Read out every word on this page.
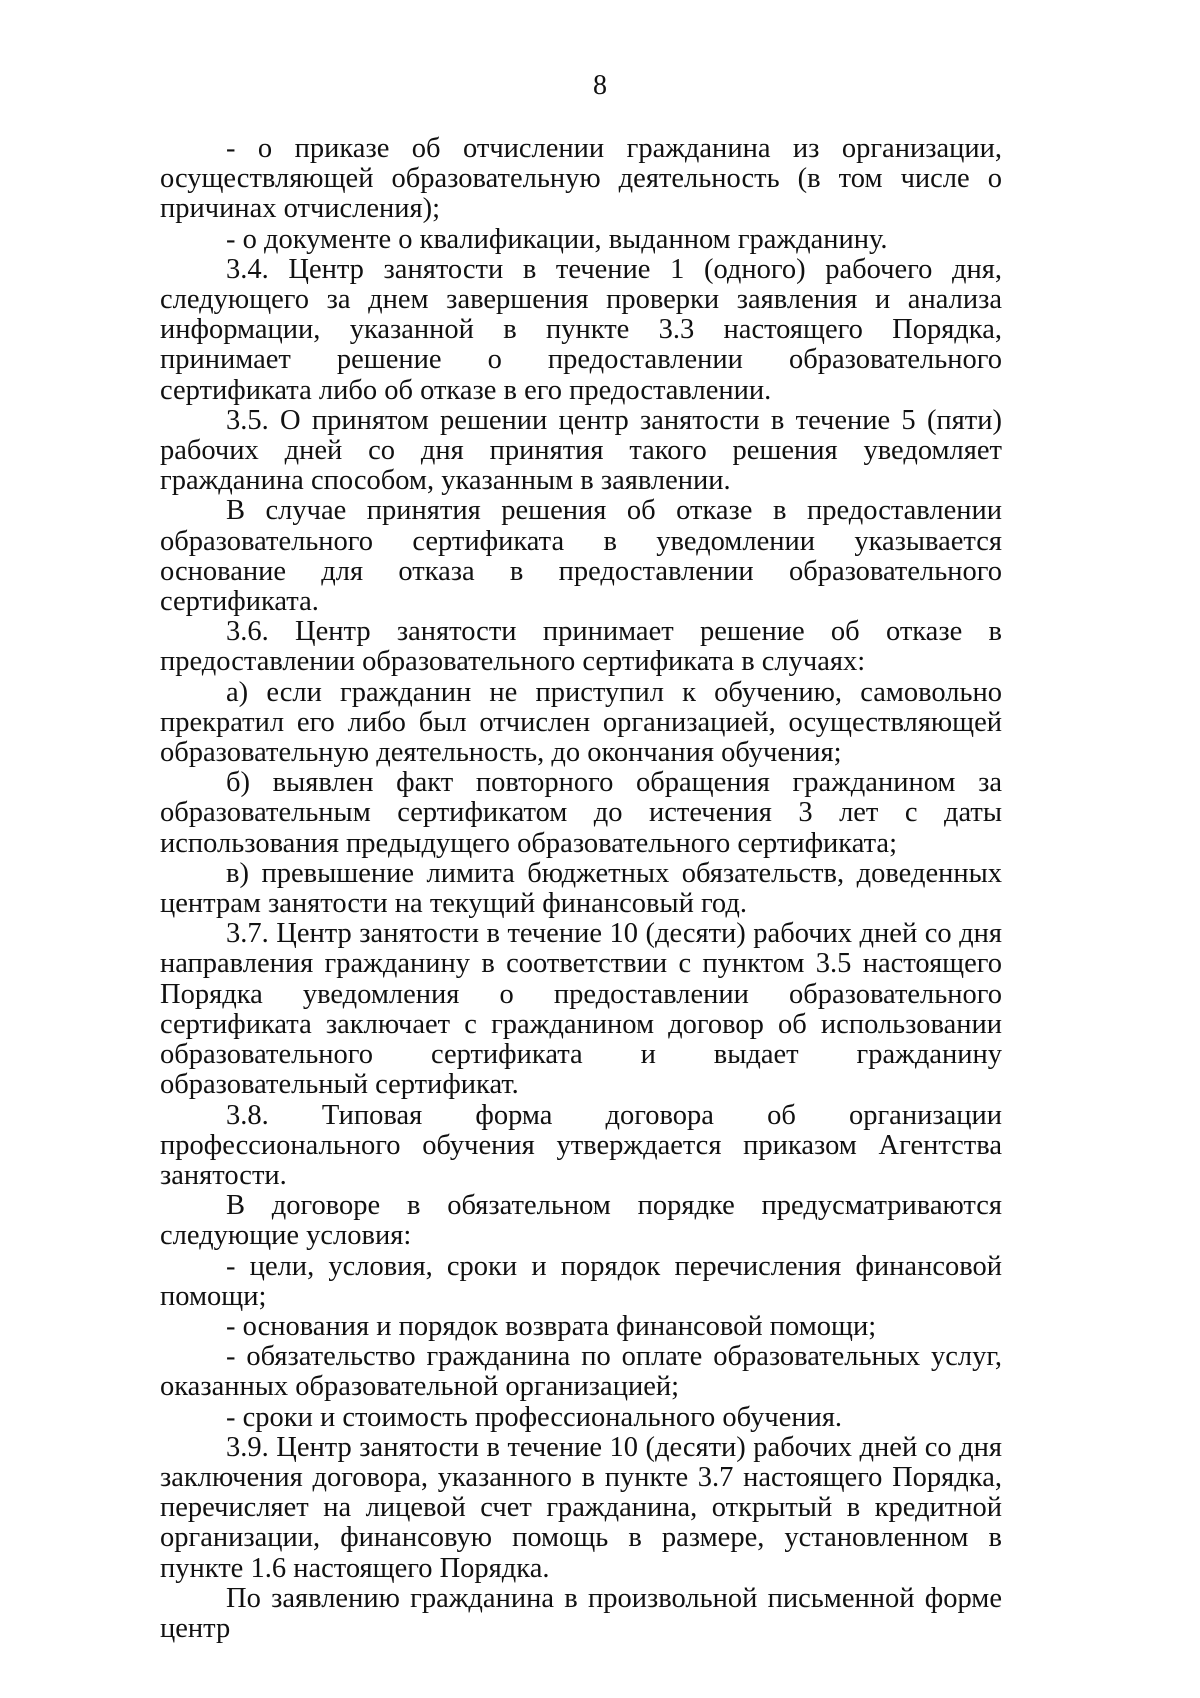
8

- о приказе об отчислении гражданина из организации, осуществляющей образовательную деятельность (в том числе о причинах отчисления);

- о документе о квалификации, выданном гражданину.

3.4. Центр занятости в течение 1 (одного) рабочего дня, следующего за днем завершения проверки заявления и анализа информации, указанной в пункте 3.3 настоящего Порядка, принимает решение о предоставлении образовательного сертификата либо об отказе в его предоставлении.

3.5. О принятом решении центр занятости в течение 5 (пяти) рабочих дней со дня принятия такого решения уведомляет гражданина способом, указанным в заявлении.

В случае принятия решения об отказе в предоставлении образовательного сертификата в уведомлении указывается основание для отказа в предоставлении образовательного сертификата.

3.6. Центр занятости принимает решение об отказе в предоставлении образовательного сертификата в случаях:

а) если гражданин не приступил к обучению, самовольно прекратил его либо был отчислен организацией, осуществляющей образовательную деятельность, до окончания обучения;

б) выявлен факт повторного обращения гражданином за образовательным сертификатом до истечения 3 лет с даты использования предыдущего образовательного сертификата;

в) превышение лимита бюджетных обязательств, доведенных центрам занятости на текущий финансовый год.

3.7. Центр занятости в течение 10 (десяти) рабочих дней со дня направления гражданину в соответствии с пунктом 3.5 настоящего Порядка уведомления о предоставлении образовательного сертификата заключает с гражданином договор об использовании образовательного сертификата и выдает гражданину образовательный сертификат.

3.8. Типовая форма договора об организации профессионального обучения утверждается приказом Агентства занятости.

В договоре в обязательном порядке предусматриваются следующие условия:

- цели, условия, сроки и порядок перечисления финансовой помощи;

- основания и порядок возврата финансовой помощи;

- обязательство гражданина по оплате образовательных услуг, оказанных образовательной организацией;

- сроки и стоимость профессионального обучения.

3.9. Центр занятости в течение 10 (десяти) рабочих дней со дня заключения договора, указанного в пункте 3.7 настоящего Порядка, перечисляет на лицевой счет гражданина, открытый в кредитной организации, финансовую помощь в размере, установленном в пункте 1.6 настоящего Порядка.

По заявлению гражданина в произвольной письменной форме центр
